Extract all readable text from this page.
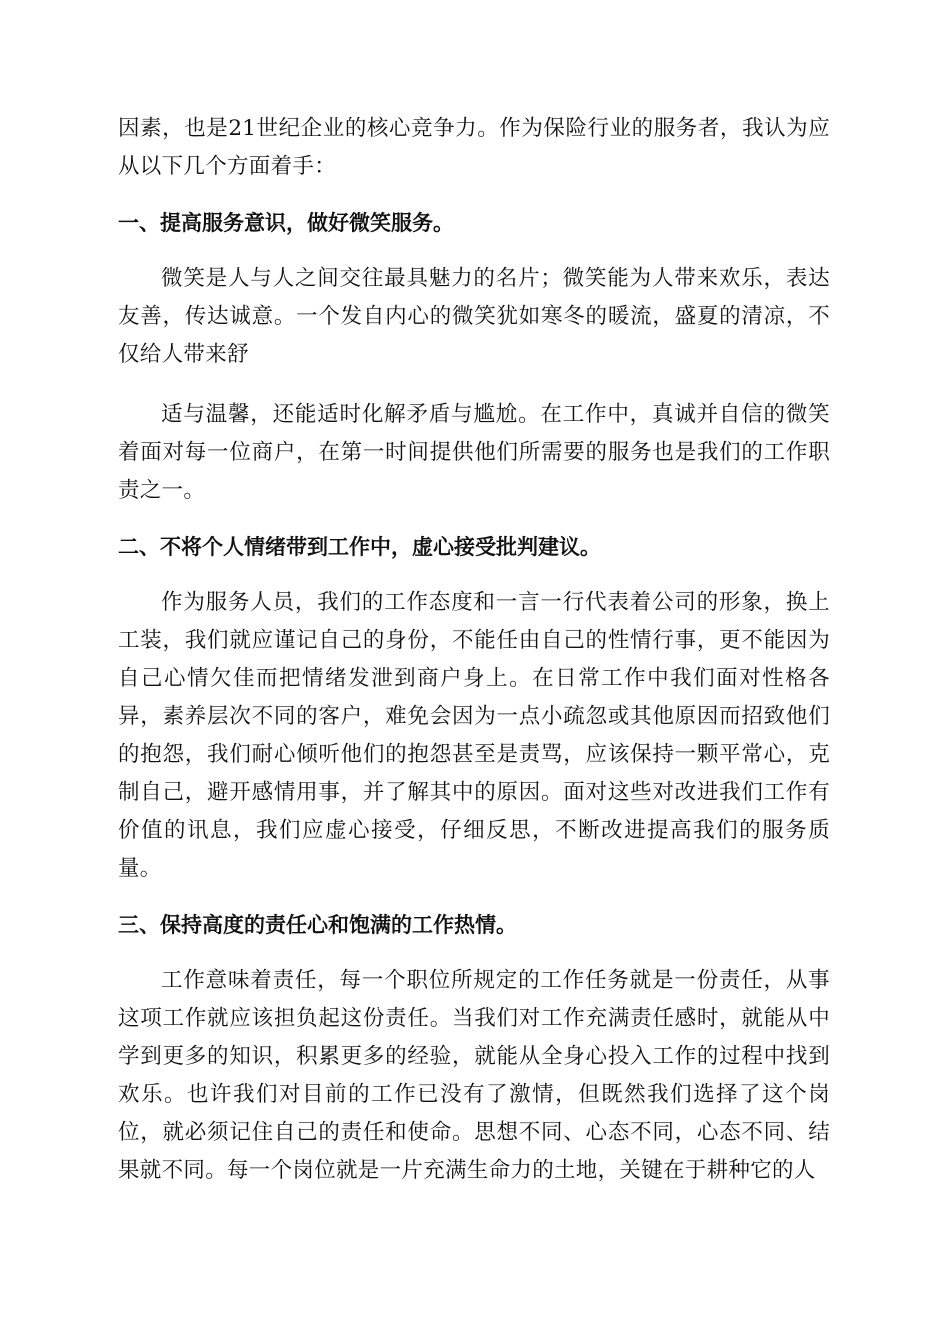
因素，也是21世纪企业的核心竞争力。作为保险行业的服务者，我认为应从以下几个方面着手：

一、提高服务意识，做好微笑服务。

微笑是人与人之间交往最具魅力的名片；微笑能为人带来欢乐，表达友善，传达诚意。一个发自内心的微笑犹如寒冬的暖流，盛夏的清凉，不仅给人带来舒

适与温馨，还能适时化解矛盾与尴尬。在工作中，真诚并自信的微笑着面对每一位商户，在第一时间提供他们所需要的服务也是我们的工作职责之一。

二、不将个人情绪带到工作中，虚心接受批判建议。

作为服务人员，我们的工作态度和一言一行代表着公司的形象，换上工装，我们就应谨记自己的身份，不能任由自己的性情行事，更不能因为自己心情欠佳而把情绪发泄到商户身上。在日常工作中我们面对性格各异，素养层次不同的客户，难免会因为一点小疏忽或其他原因而招致他们的抱怨，我们耐心倾听他们的抱怨甚至是责骂，应该保持一颗平常心，克制自己，避开感情用事，并了解其中的原因。面对这些对改进我们工作有价值的讯息，我们应虚心接受，仔细反思，不断改进提高我们的服务质量。

三、保持高度的责任心和饱满的工作热情。

工作意味着责任，每一个职位所规定的工作任务就是一份责任，从事这项工作就应该担负起这份责任。当我们对工作充满责任感时，就能从中学到更多的知识，积累更多的经验，就能从全身心投入工作的过程中找到欢乐。也许我们对目前的工作已没有了激情，但既然我们选择了这个岗位，就必须记住自己的责任和使命。思想不同、心态不同，心态不同、结果就不同。每一个岗位就是一片充满生命力的土地，关键在于耕种它的人
